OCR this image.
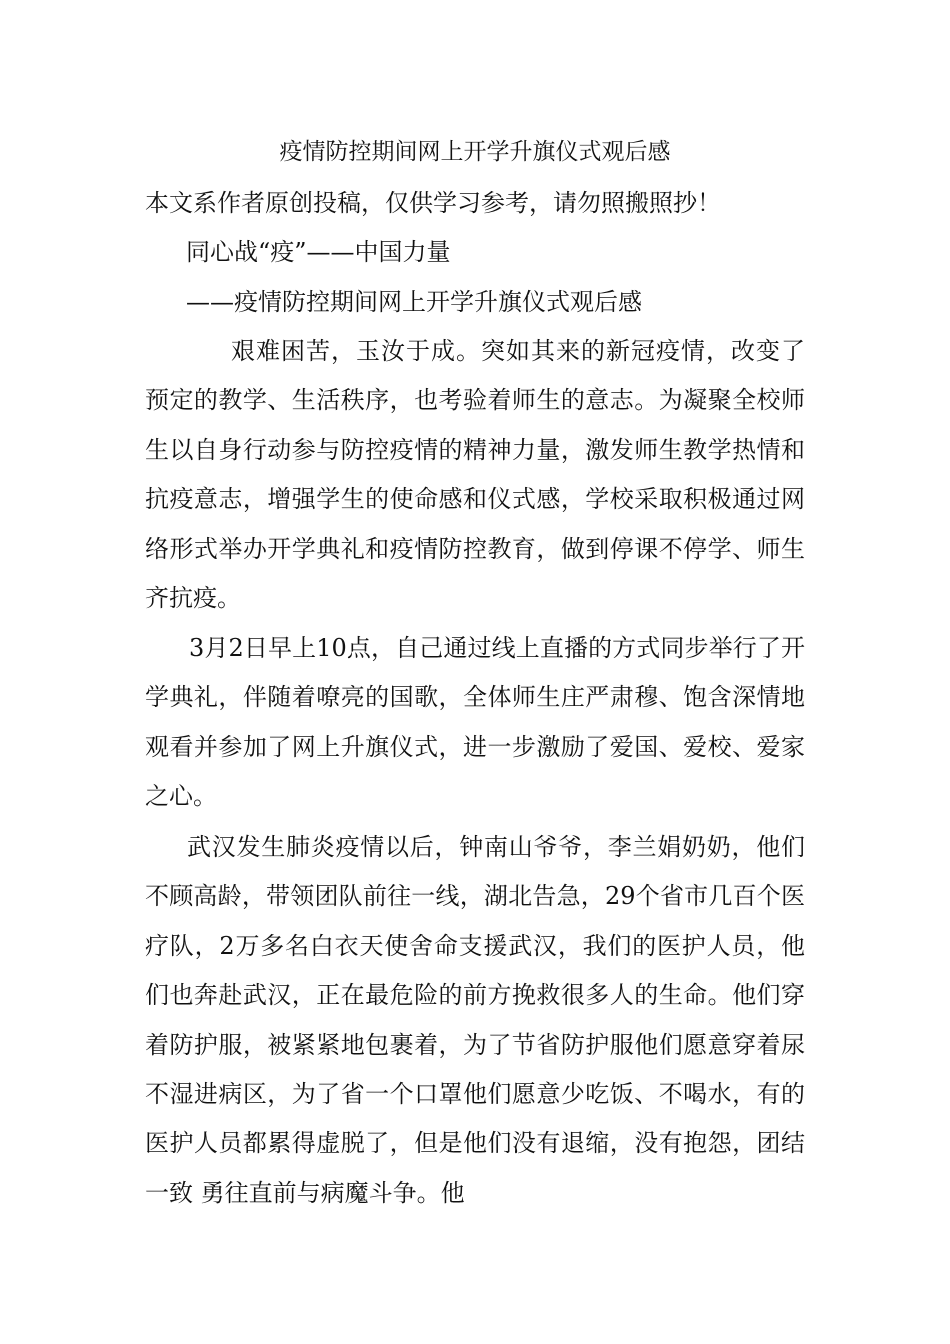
疫情防控期间网上开学升旗仪式观后感
本文系作者原创投稿，仅供学习参考，请勿照搬照抄！
同心战“疫”——中国力量
——疫情防控期间网上开学升旗仪式观后感

艰难困苦，玉汝于成。突如其来的新冠疫情，改变了预定的教学、生活秩序，也考验着师生的意志。为凝聚全校师生以自身行动参与防控疫情的精神力量，激发师生教学热情和抗疫意志，增强学生的使命感和仪式感，学校采取积极通过网络形式举办开学典礼和疫情防控教育，做到停课不停学、师生齐抗疫。

3月2日早上10点，自己通过线上直播的方式同步举行了开学典礼，伴随着嘹亮的国歌，全体师生庄严肃穆、饱含深情地观看并参加了网上升旗仪式，进一步激励了爱国、爱校、爱家之心。

武汉发生肺炎疫情以后，钟南山爷爷，李兰娟奶奶，他们不顾高龄，带领团队前往一线，湖北告急，29个省市几百个医疗队，2万多名白衣天使舍命支援武汉，我们的医护人员，他们也奔赴武汉，正在最危险的前方挽救很多人的生命。他们穿着防护服，被紧紧地包裹着，为了节省防护服他们愿意穿着尿不湿进病区，为了省一个口罩他们愿意少吃饭、不喝水，有的医护人员都累得虚脱了，但是他们没有退缩，没有抱怨，团结一致 勇往直前与病魔斗争。他
